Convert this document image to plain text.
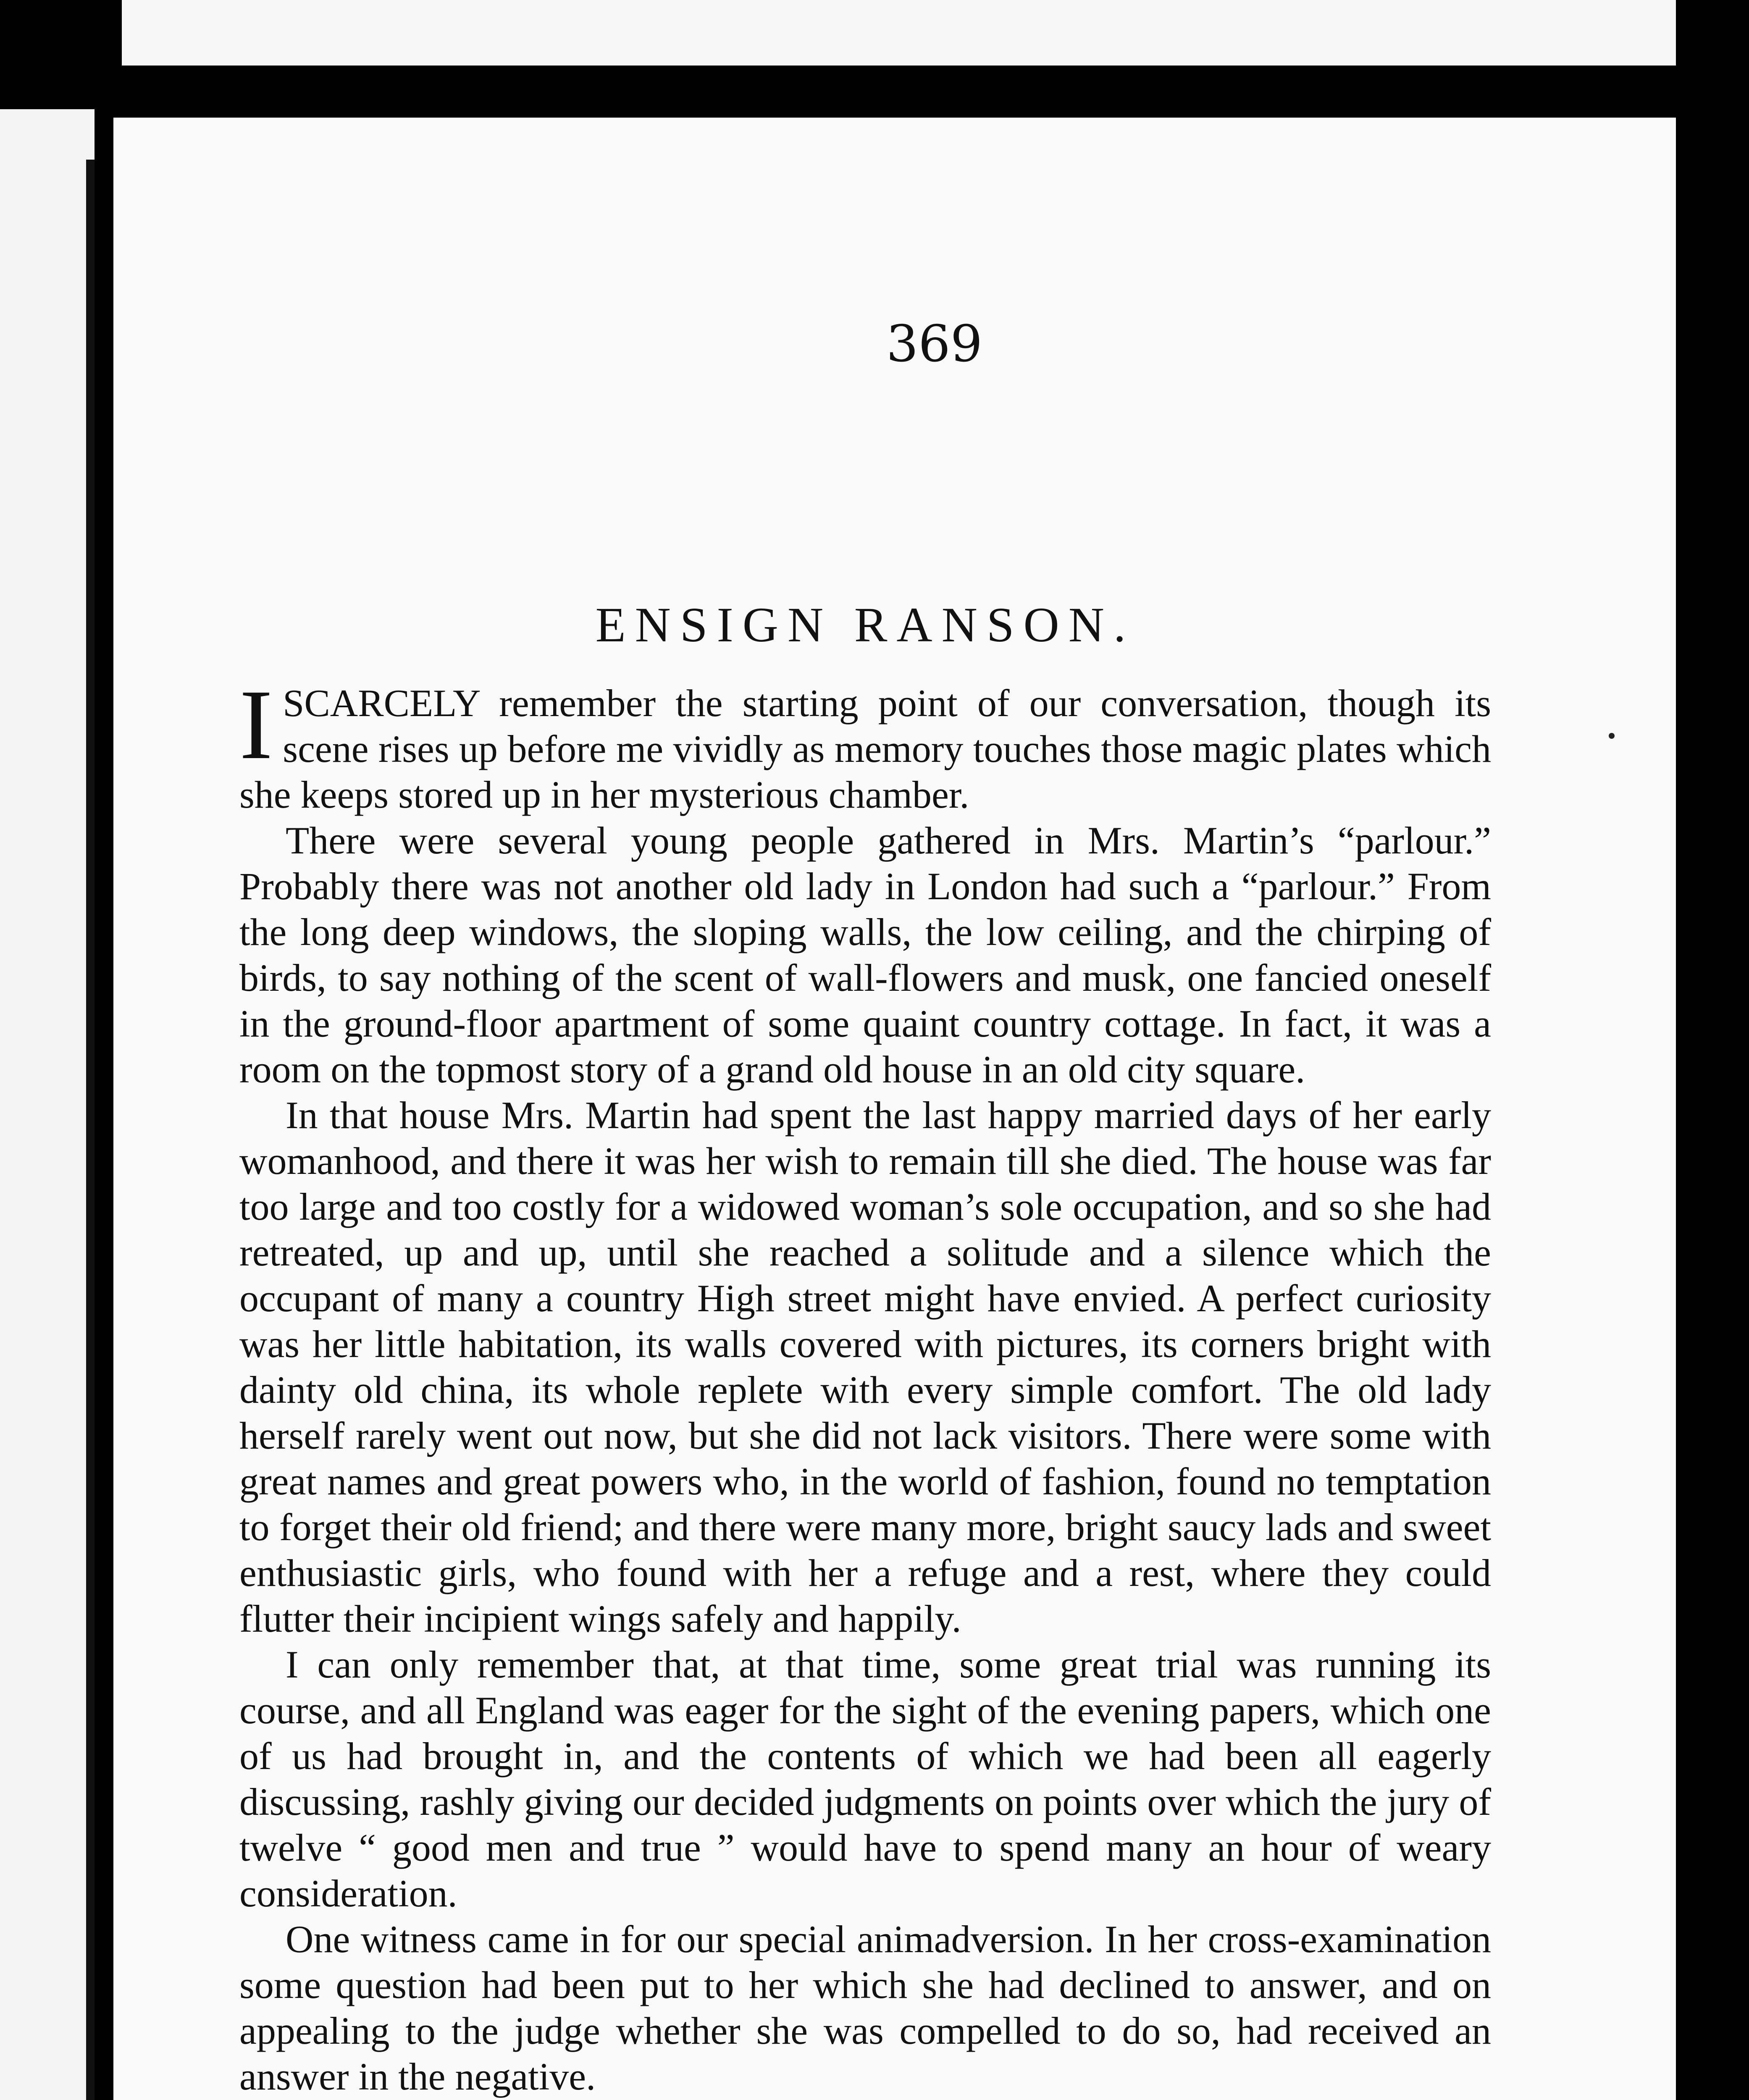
369
ENSIGN RANSON.

ISCARCELY remember the starting point of our conversation, though its scene rises up before me vividly as memory touches those magic plates which she keeps stored up in her mysterious chamber.

There were several young people gathered in Mrs. Martin’s “parlour.” Probably there was not another old lady in London had such a “parlour.” From the long deep windows, the sloping walls, the low ceiling, and the chirping of birds, to say nothing of the scent of wall-flowers and musk, one fancied oneself in the ground-floor apartment of some quaint country cottage. In fact, it was a room on the topmost story of a grand old house in an old city square.

In that house Mrs. Martin had spent the last happy married days of her early womanhood, and there it was her wish to remain till she died. The house was far too large and too costly for a widowed woman’s sole occupation, and so she had retreated, up and up, until she reached a solitude and a silence which the occupant of many a country High street might have envied. A perfect curiosity was her little habitation, its walls covered with pictures, its corners bright with dainty old china, its whole replete with every simple comfort. The old lady herself rarely went out now, but she did not lack visitors. There were some with great names and great powers who, in the world of fashion, found no temptation to forget their old friend; and there were many more, bright saucy lads and sweet enthusiastic girls, who found with her a refuge and a rest, where they could flutter their incipient wings safely and happily.

I can only remember that, at that time, some great trial was running its course, and all England was eager for the sight of the evening papers, which one of us had brought in, and the contents of which we had been all eagerly discussing, rashly giving our decided judgments on points over which the jury of twelve “ good men and true ” would have to spend many an hour of weary consideration.

One witness came in for our special animadversion. In her cross-examination some question had been put to her which she had declined to answer, and on appealing to the judge whether she was compelled to do so, had received an answer in the negative.
